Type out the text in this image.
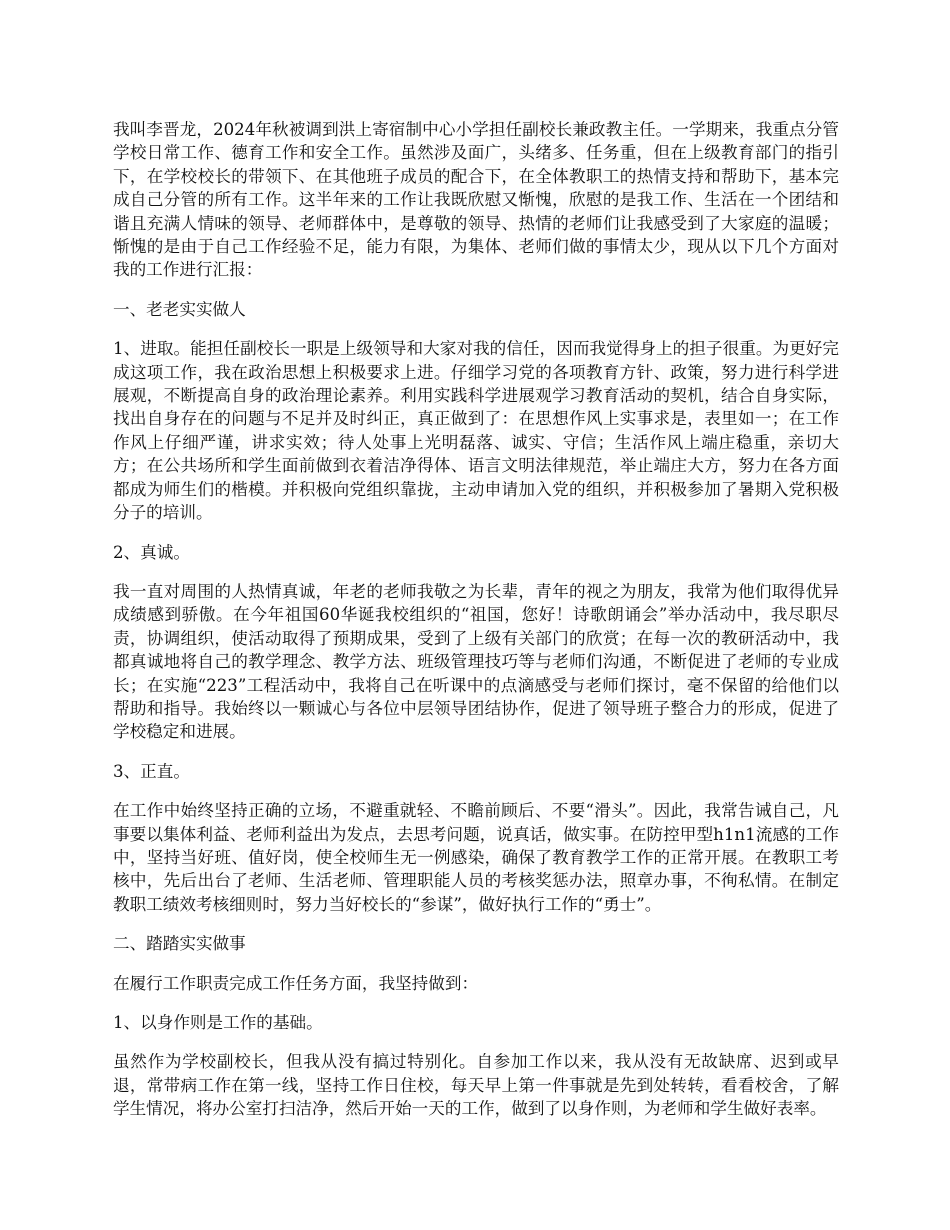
我叫李晋龙，2024年秋被调到洪上寄宿制中心小学担任副校长兼政教主任。一学期来，我重点分管学校日常工作、德育工作和安全工作。虽然涉及面广，头绪多、任务重，但在上级教育部门的指引下，在学校校长的带领下、在其他班子成员的配合下，在全体教职工的热情支持和帮助下，基本完成自己分管的所有工作。这半年来的工作让我既欣慰又惭愧，欣慰的是我工作、生活在一个团结和谐且充满人情味的领导、老师群体中，是尊敬的领导、热情的老师们让我感受到了大家庭的温暖；惭愧的是由于自己工作经验不足，能力有限，为集体、老师们做的事情太少，现从以下几个方面对我的工作进行汇报：

一、老老实实做人

1、进取。能担任副校长一职是上级领导和大家对我的信任，因而我觉得身上的担子很重。为更好完成这项工作，我在政治思想上积极要求上进。仔细学习党的各项教育方针、政策，努力进行科学进展观，不断提高自身的政治理论素养。利用实践科学进展观学习教育活动的契机，结合自身实际，找出自身存在的问题与不足并及时纠正，真正做到了：在思想作风上实事求是，表里如一；在工作作风上仔细严谨，讲求实效；待人处事上光明磊落、诚实、守信；生活作风上端庄稳重，亲切大方；在公共场所和学生面前做到衣着洁净得体、语言文明法律规范，举止端庄大方，努力在各方面都成为师生们的楷模。并积极向党组织靠拢，主动申请加入党的组织，并积极参加了暑期入党积极分子的培训。

2、真诚。

我一直对周围的人热情真诚，年老的老师我敬之为长辈，青年的视之为朋友，我常为他们取得优异成绩感到骄傲。在今年祖国60华诞我校组织的“祖国，您好！诗歌朗诵会”举办活动中，我尽职尽责，协调组织，使活动取得了预期成果，受到了上级有关部门的欣赏；在每一次的教研活动中，我都真诚地将自己的教学理念、教学方法、班级管理技巧等与老师们沟通，不断促进了老师的专业成长；在实施“223”工程活动中，我将自己在听课中的点滴感受与老师们探讨，毫不保留的给他们以帮助和指导。我始终以一颗诚心与各位中层领导团结协作，促进了领导班子整合力的形成，促进了学校稳定和进展。

3、正直。

在工作中始终坚持正确的立场，不避重就轻、不瞻前顾后、不要“滑头”。因此，我常告诫自己，凡事要以集体利益、老师利益出为发点，去思考问题，说真话，做实事。在防控甲型h1n1流感的工作中，坚持当好班、值好岗，使全校师生无一例感染，确保了教育教学工作的正常开展。在教职工考核中，先后出台了老师、生活老师、管理职能人员的考核奖惩办法，照章办事，不徇私情。在制定教职工绩效考核细则时，努力当好校长的“参谋”，做好执行工作的“勇士”。

二、踏踏实实做事

在履行工作职责完成工作任务方面，我坚持做到：

1、以身作则是工作的基础。

虽然作为学校副校长，但我从没有搞过特别化。自参加工作以来，我从没有无故缺席、迟到或早退，常带病工作在第一线，坚持工作日住校，每天早上第一件事就是先到处转转，看看校舍，了解学生情况，将办公室打扫洁净，然后开始一天的工作，做到了以身作则，为老师和学生做好表率。
